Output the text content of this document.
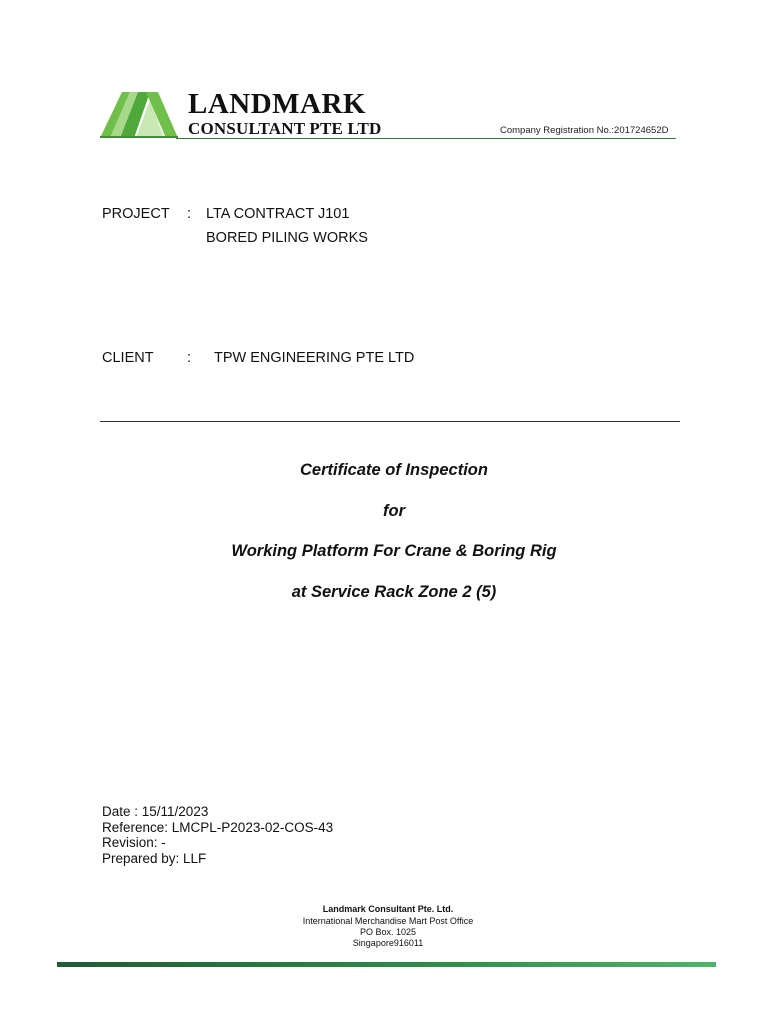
LANDMARK
CONSULTANT PTE LTD	Company Registration No.:201724652D
PROJECT : LTA CONTRACT J101
BORED PILING WORKS
CLIENT : TPW ENGINEERING PTE LTD
Certificate of Inspection
for
Working Platform For Crane & Boring Rig
at Service Rack Zone 2 (5)
Date : 15/11/2023
Reference: LMCPL-P2023-02-COS-43
Revision: -
Prepared by: LLF
Landmark Consultant Pte. Ltd.
International Merchandise Mart Post Office
PO Box. 1025
Singapore916011
